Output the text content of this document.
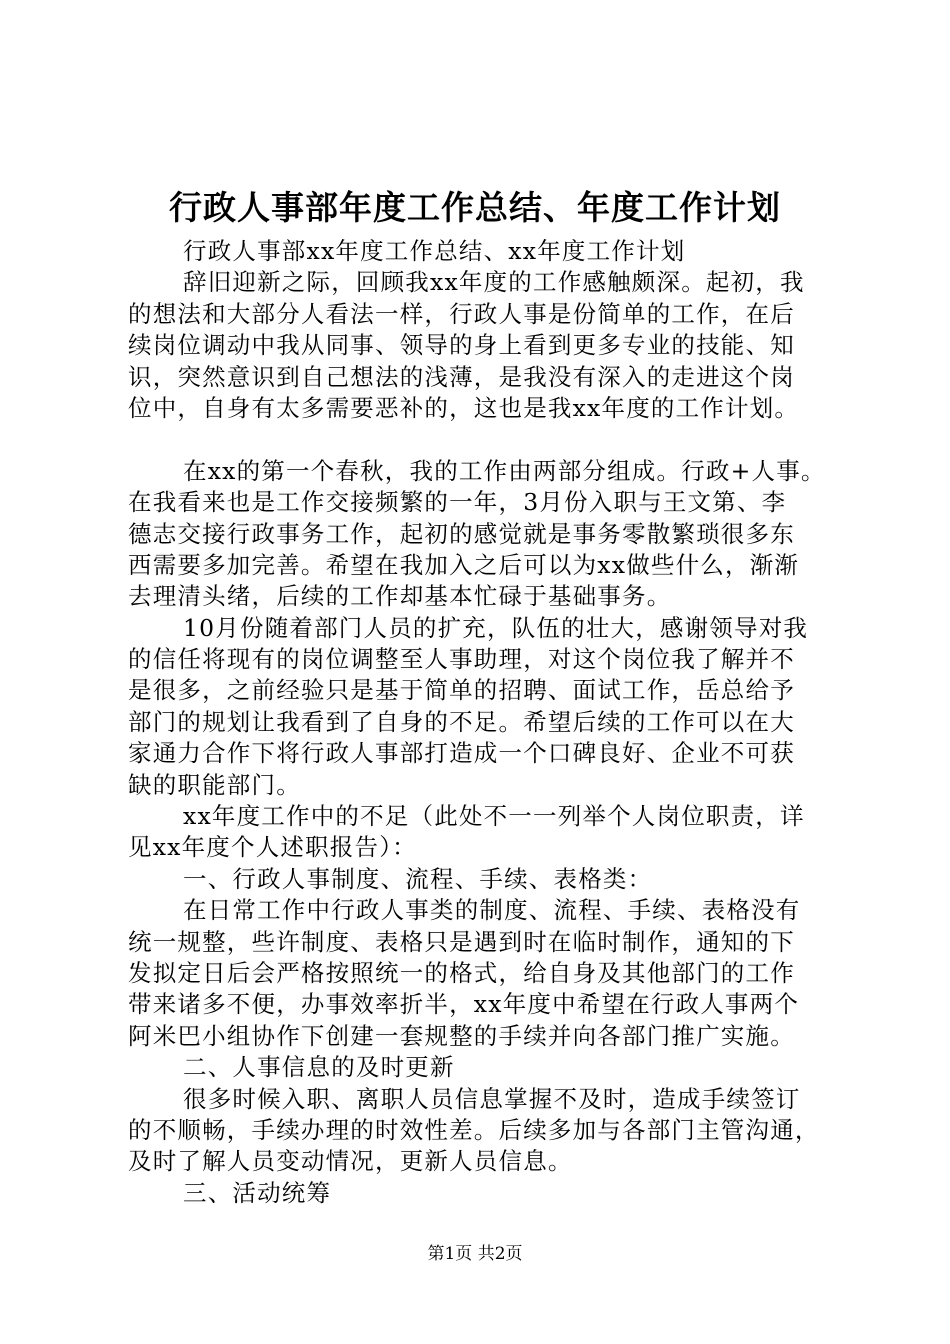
行政人事部年度工作总结、年度工作计划
行政人事部xx年度工作总结、xx年度工作计划
辞旧迎新之际，回顾我xx年度的工作感触颇深。起初，我
的想法和大部分人看法一样，行政人事是份简单的工作，在后
续岗位调动中我从同事、领导的身上看到更多专业的技能、知
识，突然意识到自己想法的浅薄，是我没有深入的走进这个岗
位中，自身有太多需要恶补的，这也是我xx年度的工作计划。
在xx的第一个春秋，我的工作由两部分组成。行政+人事。
在我看来也是工作交接频繁的一年，3月份入职与王文第、李
德志交接行政事务工作，起初的感觉就是事务零散繁琐很多东
西需要多加完善。希望在我加入之后可以为xx做些什么，渐渐
去理清头绪，后续的工作却基本忙碌于基础事务。
10月份随着部门人员的扩充，队伍的壮大，感谢领导对我
的信任将现有的岗位调整至人事助理，对这个岗位我了解并不
是很多，之前经验只是基于简单的招聘、面试工作，岳总给予
部门的规划让我看到了自身的不足。希望后续的工作可以在大
家通力合作下将行政人事部打造成一个口碑良好、企业不可获
缺的职能部门。
xx年度工作中的不足（此处不一一列举个人岗位职责，详
见xx年度个人述职报告）：
一、行政人事制度、流程、手续、表格类：
在日常工作中行政人事类的制度、流程、手续、表格没有
统一规整，些许制度、表格只是遇到时在临时制作，通知的下
发拟定日后会严格按照统一的格式，给自身及其他部门的工作
带来诸多不便，办事效率折半，xx年度中希望在行政人事两个
阿米巴小组协作下创建一套规整的手续并向各部门推广实施。
二、人事信息的及时更新
很多时候入职、离职人员信息掌握不及时，造成手续签订
的不顺畅，手续办理的时效性差。后续多加与各部门主管沟通，
及时了解人员变动情况，更新人员信息。
三、活动统筹
第1页 共2页
